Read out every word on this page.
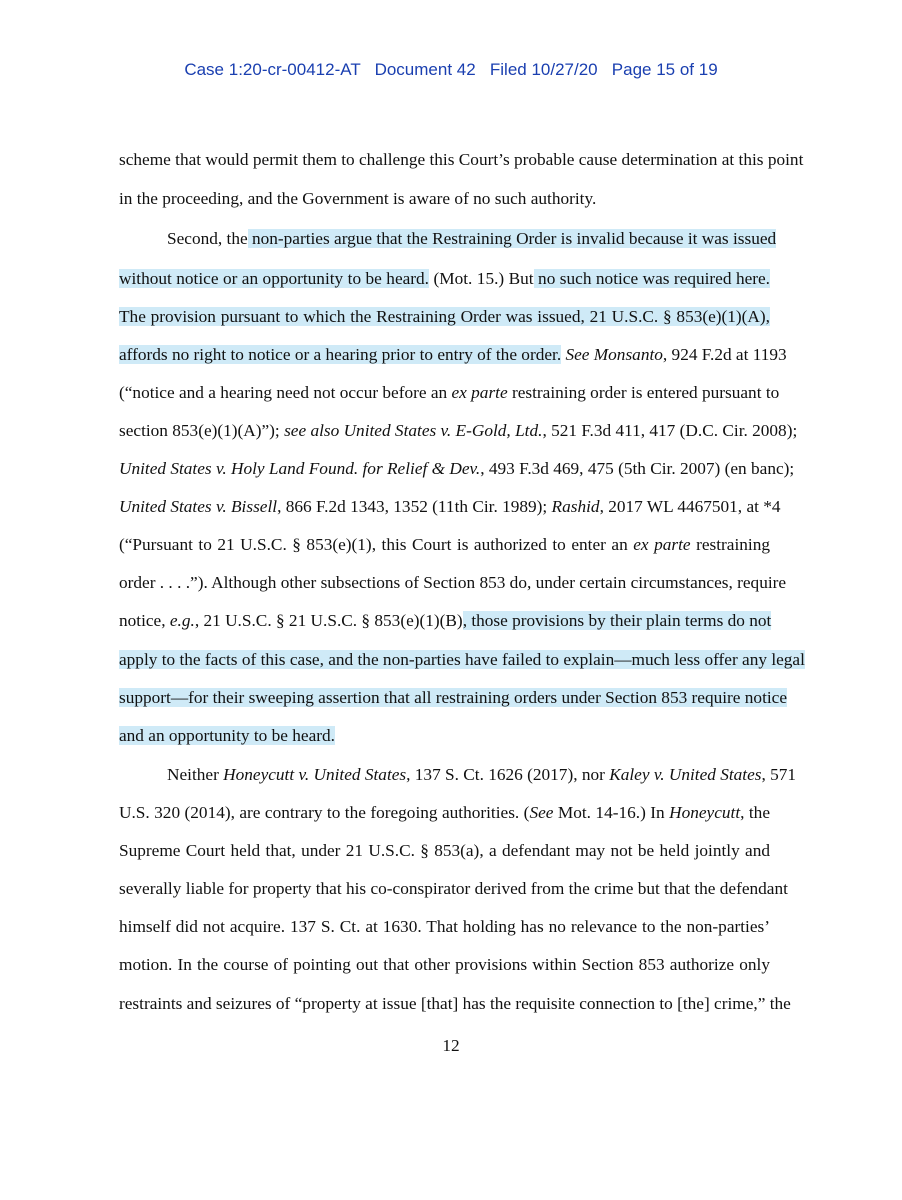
Case 1:20-cr-00412-AT Document 42 Filed 10/27/20 Page 15 of 19
scheme that would permit them to challenge this Court’s probable cause determination at this point
in the proceeding, and the Government is aware of no such authority.
Second, the non-parties argue that the Restraining Order is invalid because it was issued
without notice or an opportunity to be heard. (Mot. 15.) But no such notice was required here.
The provision pursuant to which the Restraining Order was issued, 21 U.S.C. § 853(e)(1)(A),
affords no right to notice or a hearing prior to entry of the order. See Monsanto, 924 F.2d at 1193
(“notice and a hearing need not occur before an ex parte restraining order is entered pursuant to
section 853(e)(1)(A)”); see also United States v. E-Gold, Ltd., 521 F.3d 411, 417 (D.C. Cir. 2008);
United States v. Holy Land Found. for Relief & Dev., 493 F.3d 469, 475 (5th Cir. 2007) (en banc);
United States v. Bissell, 866 F.2d 1343, 1352 (11th Cir. 1989); Rashid, 2017 WL 4467501, at *4
(“Pursuant to 21 U.S.C. § 853(e)(1), this Court is authorized to enter an ex parte restraining
order . . . .”). Although other subsections of Section 853 do, under certain circumstances, require
notice, e.g., 21 U.S.C. § 21 U.S.C. § 853(e)(1)(B), those provisions by their plain terms do not
apply to the facts of this case, and the non-parties have failed to explain—much less offer any legal
support—for their sweeping assertion that all restraining orders under Section 853 require notice
and an opportunity to be heard.
Neither Honeycutt v. United States, 137 S. Ct. 1626 (2017), nor Kaley v. United States, 571
U.S. 320 (2014), are contrary to the foregoing authorities. (See Mot. 14-16.) In Honeycutt, the
Supreme Court held that, under 21 U.S.C. § 853(a), a defendant may not be held jointly and
severally liable for property that his co-conspirator derived from the crime but that the defendant
himself did not acquire. 137 S. Ct. at 1630. That holding has no relevance to the non-parties’
motion. In the course of pointing out that other provisions within Section 853 authorize only
restraints and seizures of “property at issue [that] has the requisite connection to [the] crime,” the
12
